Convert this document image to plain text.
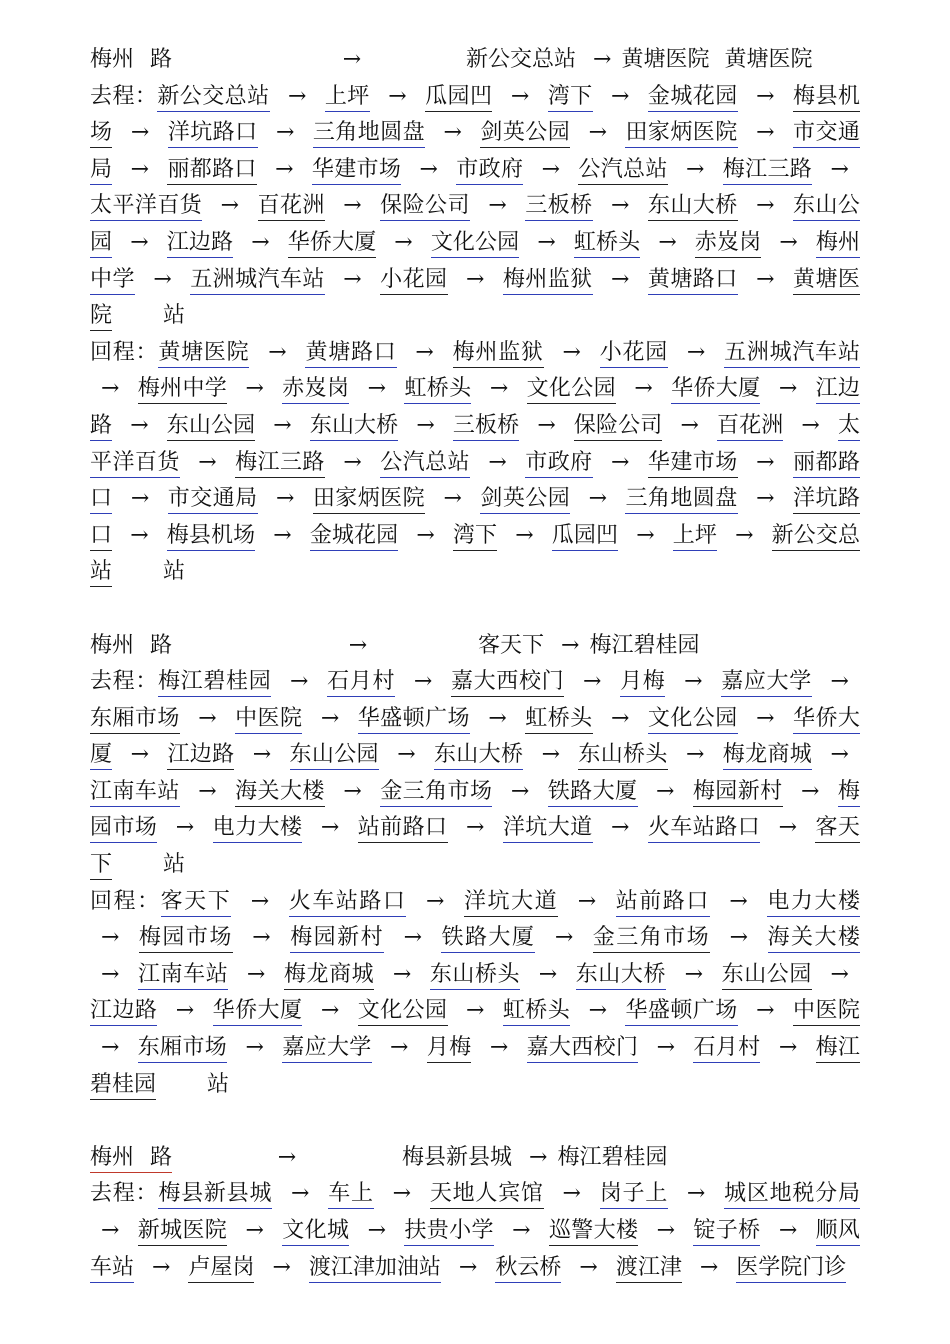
梅州 路	→	新公交总站 → 黄塘医院 黄塘医院
去程：新公交总站 →	上坪 →	瓜园凹 →	湾下 →	金城花园 →	梅县机场 →	洋坑路口 →	三角地圆盘 →	剑英公园 →	田家炳医院 →	市交通局 →	丽都路口 →	华建市场 →	市政府 →	公汽总站 →	梅江三路 → 太平洋百货 →	百花洲 →	保险公司 →	三板桥 →	东山大桥 →	东山公园 → 江边路 → 华侨大厦 → 文化公园 → 虹桥头 → 赤岌岗 → 梅州中学 →	五洲城汽车站 →	小花园 →	梅州监狱 →	黄塘路口 →	黄塘医院 站
回程：黄塘医院 →	黄塘路口 →	梅州监狱 →	小花园 →	五洲城汽车站 → 梅州中学 →	赤岌岗 →	虹桥头 →	文化公园 →	华侨大厦 →	江边路 → 东山公园 → 东山大桥 → 三板桥 → 保险公司 → 百花洲 → 太平洋百货 →	梅江三路 →	公汽总站 →	市政府 →	华建市场 →	丽都路口 →	市交通局 →	田家炳医院 →	剑英公园 →	三角地圆盘 →	洋坑路口 → 梅县机场 → 金城花园 → 湾下 → 瓜园凹 → 上坪 → 新公交总站 站
梅州 路	→	客天下 → 梅江碧桂园
去程：梅江碧桂园 →	石月村 →	嘉大西校门 →	月梅 →	嘉应大学 → 东厢市场 →	中医院 →	华盛顿广场 →	虹桥头 →	文化公园 →	华侨大厦 →	江边路 →	东山公园 →	东山大桥 →	东山桥头 →	梅龙商城 → 江南车站 →	海关大楼 →	金三角市场 →	铁路大厦 →	梅园新村 →	梅园市场 →	电力大楼 →	站前路口 →	洋坑大道 →	火车站路口 →	客天下 站
回程：客天下 →	火车站路口 →	洋坑大道 →	站前路口 →	电力大楼 → 梅园市场 →	梅园新村 →	铁路大厦 →	金三角市场 →	海关大楼 → 江南车站 →	梅龙商城 →	东山桥头 →	东山大桥 →	东山公园 → 江边路 →	华侨大厦 →	文化公园 →	虹桥头 →	华盛顿广场 →	中医院 → 东厢市场 →	嘉应大学 →	月梅 →	嘉大西校门 →	石月村 →	梅江碧桂园 站
梅州 路	→	梅县新县城 → 梅江碧桂园
去程：梅县新县城 →	车上 →	天地人宾馆 →	岗子上 →	城区地税分局 → 新城医院 →	文化城 →	扶贵小学 →	巡警大楼 →	锭子桥 →	顺风车站 → 卢屋岗 → 渡江津加油站 → 秋云桥 → 渡江津 → 医学院门诊
